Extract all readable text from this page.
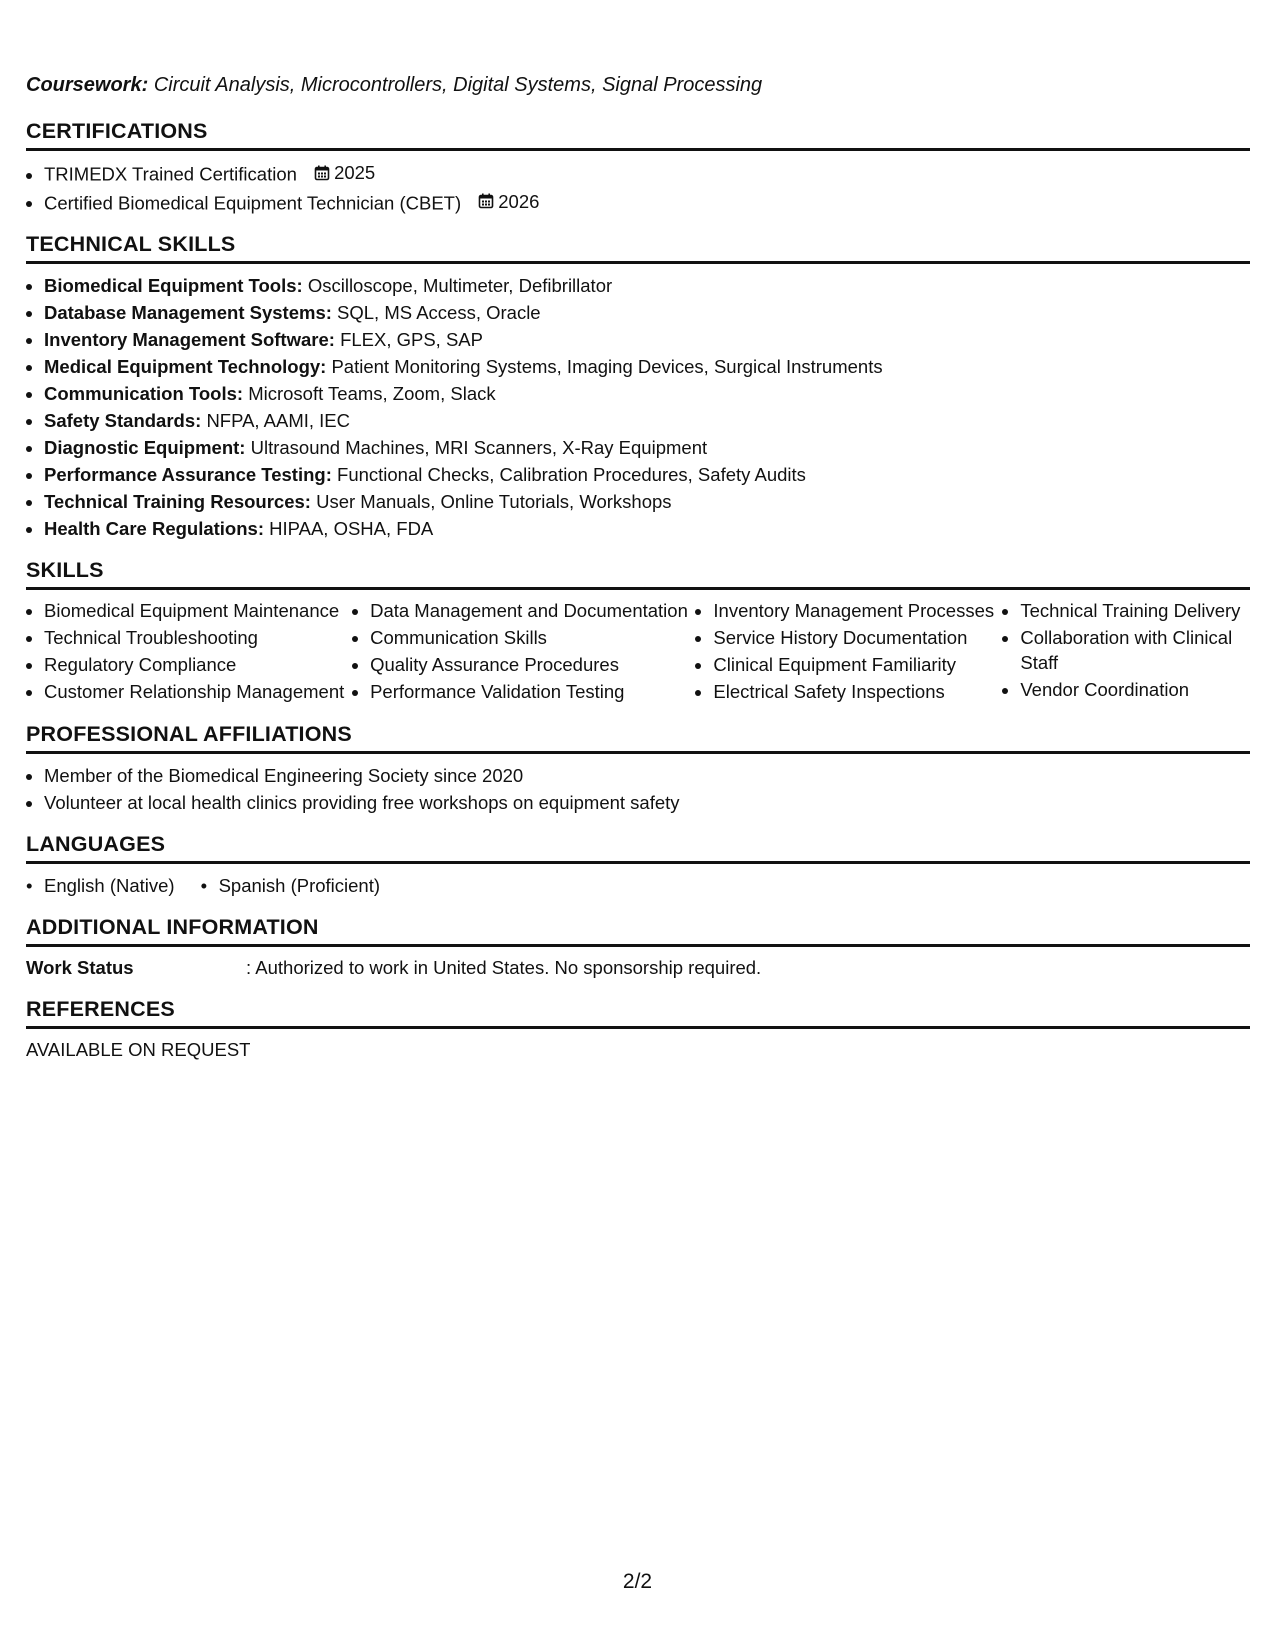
Coursework: Circuit Analysis, Microcontrollers, Digital Systems, Signal Processing
CERTIFICATIONS
• TRIMEDX Trained Certification 2025
• Certified Biomedical Equipment Technician (CBET) 2026
TECHNICAL SKILLS
• Biomedical Equipment Tools: Oscilloscope, Multimeter, Defibrillator
• Database Management Systems: SQL, MS Access, Oracle
• Inventory Management Software: FLEX, GPS, SAP
• Medical Equipment Technology: Patient Monitoring Systems, Imaging Devices, Surgical Instruments
• Communication Tools: Microsoft Teams, Zoom, Slack
• Safety Standards: NFPA, AAMI, IEC
• Diagnostic Equipment: Ultrasound Machines, MRI Scanners, X-Ray Equipment
• Performance Assurance Testing: Functional Checks, Calibration Procedures, Safety Audits
• Technical Training Resources: User Manuals, Online Tutorials, Workshops
• Health Care Regulations: HIPAA, OSHA, FDA
SKILLS
• Biomedical Equipment Maintenance
• Technical Troubleshooting
• Regulatory Compliance
• Customer Relationship Management
• Data Management and Documentation
• Communication Skills
• Quality Assurance Procedures
• Performance Validation Testing
• Inventory Management Processes
• Service History Documentation
• Clinical Equipment Familiarity
• Electrical Safety Inspections
• Technical Training Delivery
• Collaboration with Clinical Staff
• Vendor Coordination
PROFESSIONAL AFFILIATIONS
• Member of the Biomedical Engineering Society since 2020
• Volunteer at local health clinics providing free workshops on equipment safety
LANGUAGES
• English (Native)
•	Spanish (Proficient)
ADDITIONAL INFORMATION
Work Status	: Authorized to work in United States. No sponsorship required.
REFERENCES
AVAILABLE ON REQUEST
2/2
